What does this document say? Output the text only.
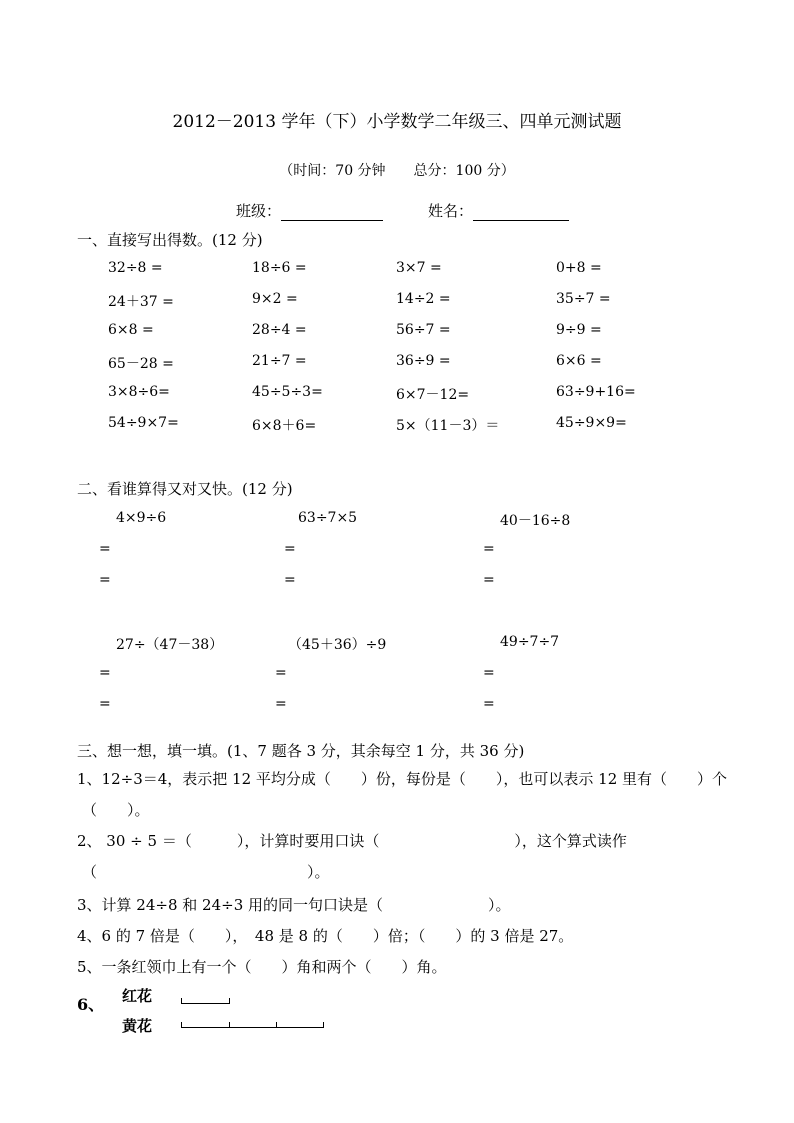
2012－2013 学年（下）小学数学二年级三、四单元测试题
（时间：70 分钟　　总分：100 分）
班级：	姓名：
一、直接写出得数。(12 分)
32÷8 =	18÷6 =	3×7 =	0+8 =
24＋37 =	9×2 =	14÷2 =	35÷7 =
6×8 =	28÷4 =	56÷7 =	9÷9 =
65－28 =	21÷7 =	36÷9 =	6×6 =
3×8÷6=	45÷5÷3=	6×7－12=	63÷9+16=
54÷9×7=	6×8＋6=	5×（11－3）＝	45÷9×9=
二、看谁算得又对又快。(12 分)
4×9÷6	63÷7×5	40－16÷8
=	=	=
=	=	=
27÷（47－38）	（45＋36）÷9	49÷7÷7
=	=	=
=	=	=
三、想一想，填一填。(1、7 题各 3 分，其余每空 1 分，共 36 分)
1、12÷3＝4，表示把 12 平均分成（　　）份，每份是（　　），也可以表示 12 里有（　　）个
（　　）。
2、 30 ÷ 5 ＝（　　　），计算时要用口诀（　　　　　　　　　），这个算式读作
（　　　　　　　　　　　　　　）。
3、计算 24÷8 和 24÷3 用的同一句口诀是（　　　　　　　）。
4、6 的 7 倍是（　　），　48 是 8 的（　　）倍；（　　）的 3 倍是 27。
5、一条红领巾上有一个（　　）角和两个（　　）角。
6、 红花
黄花
